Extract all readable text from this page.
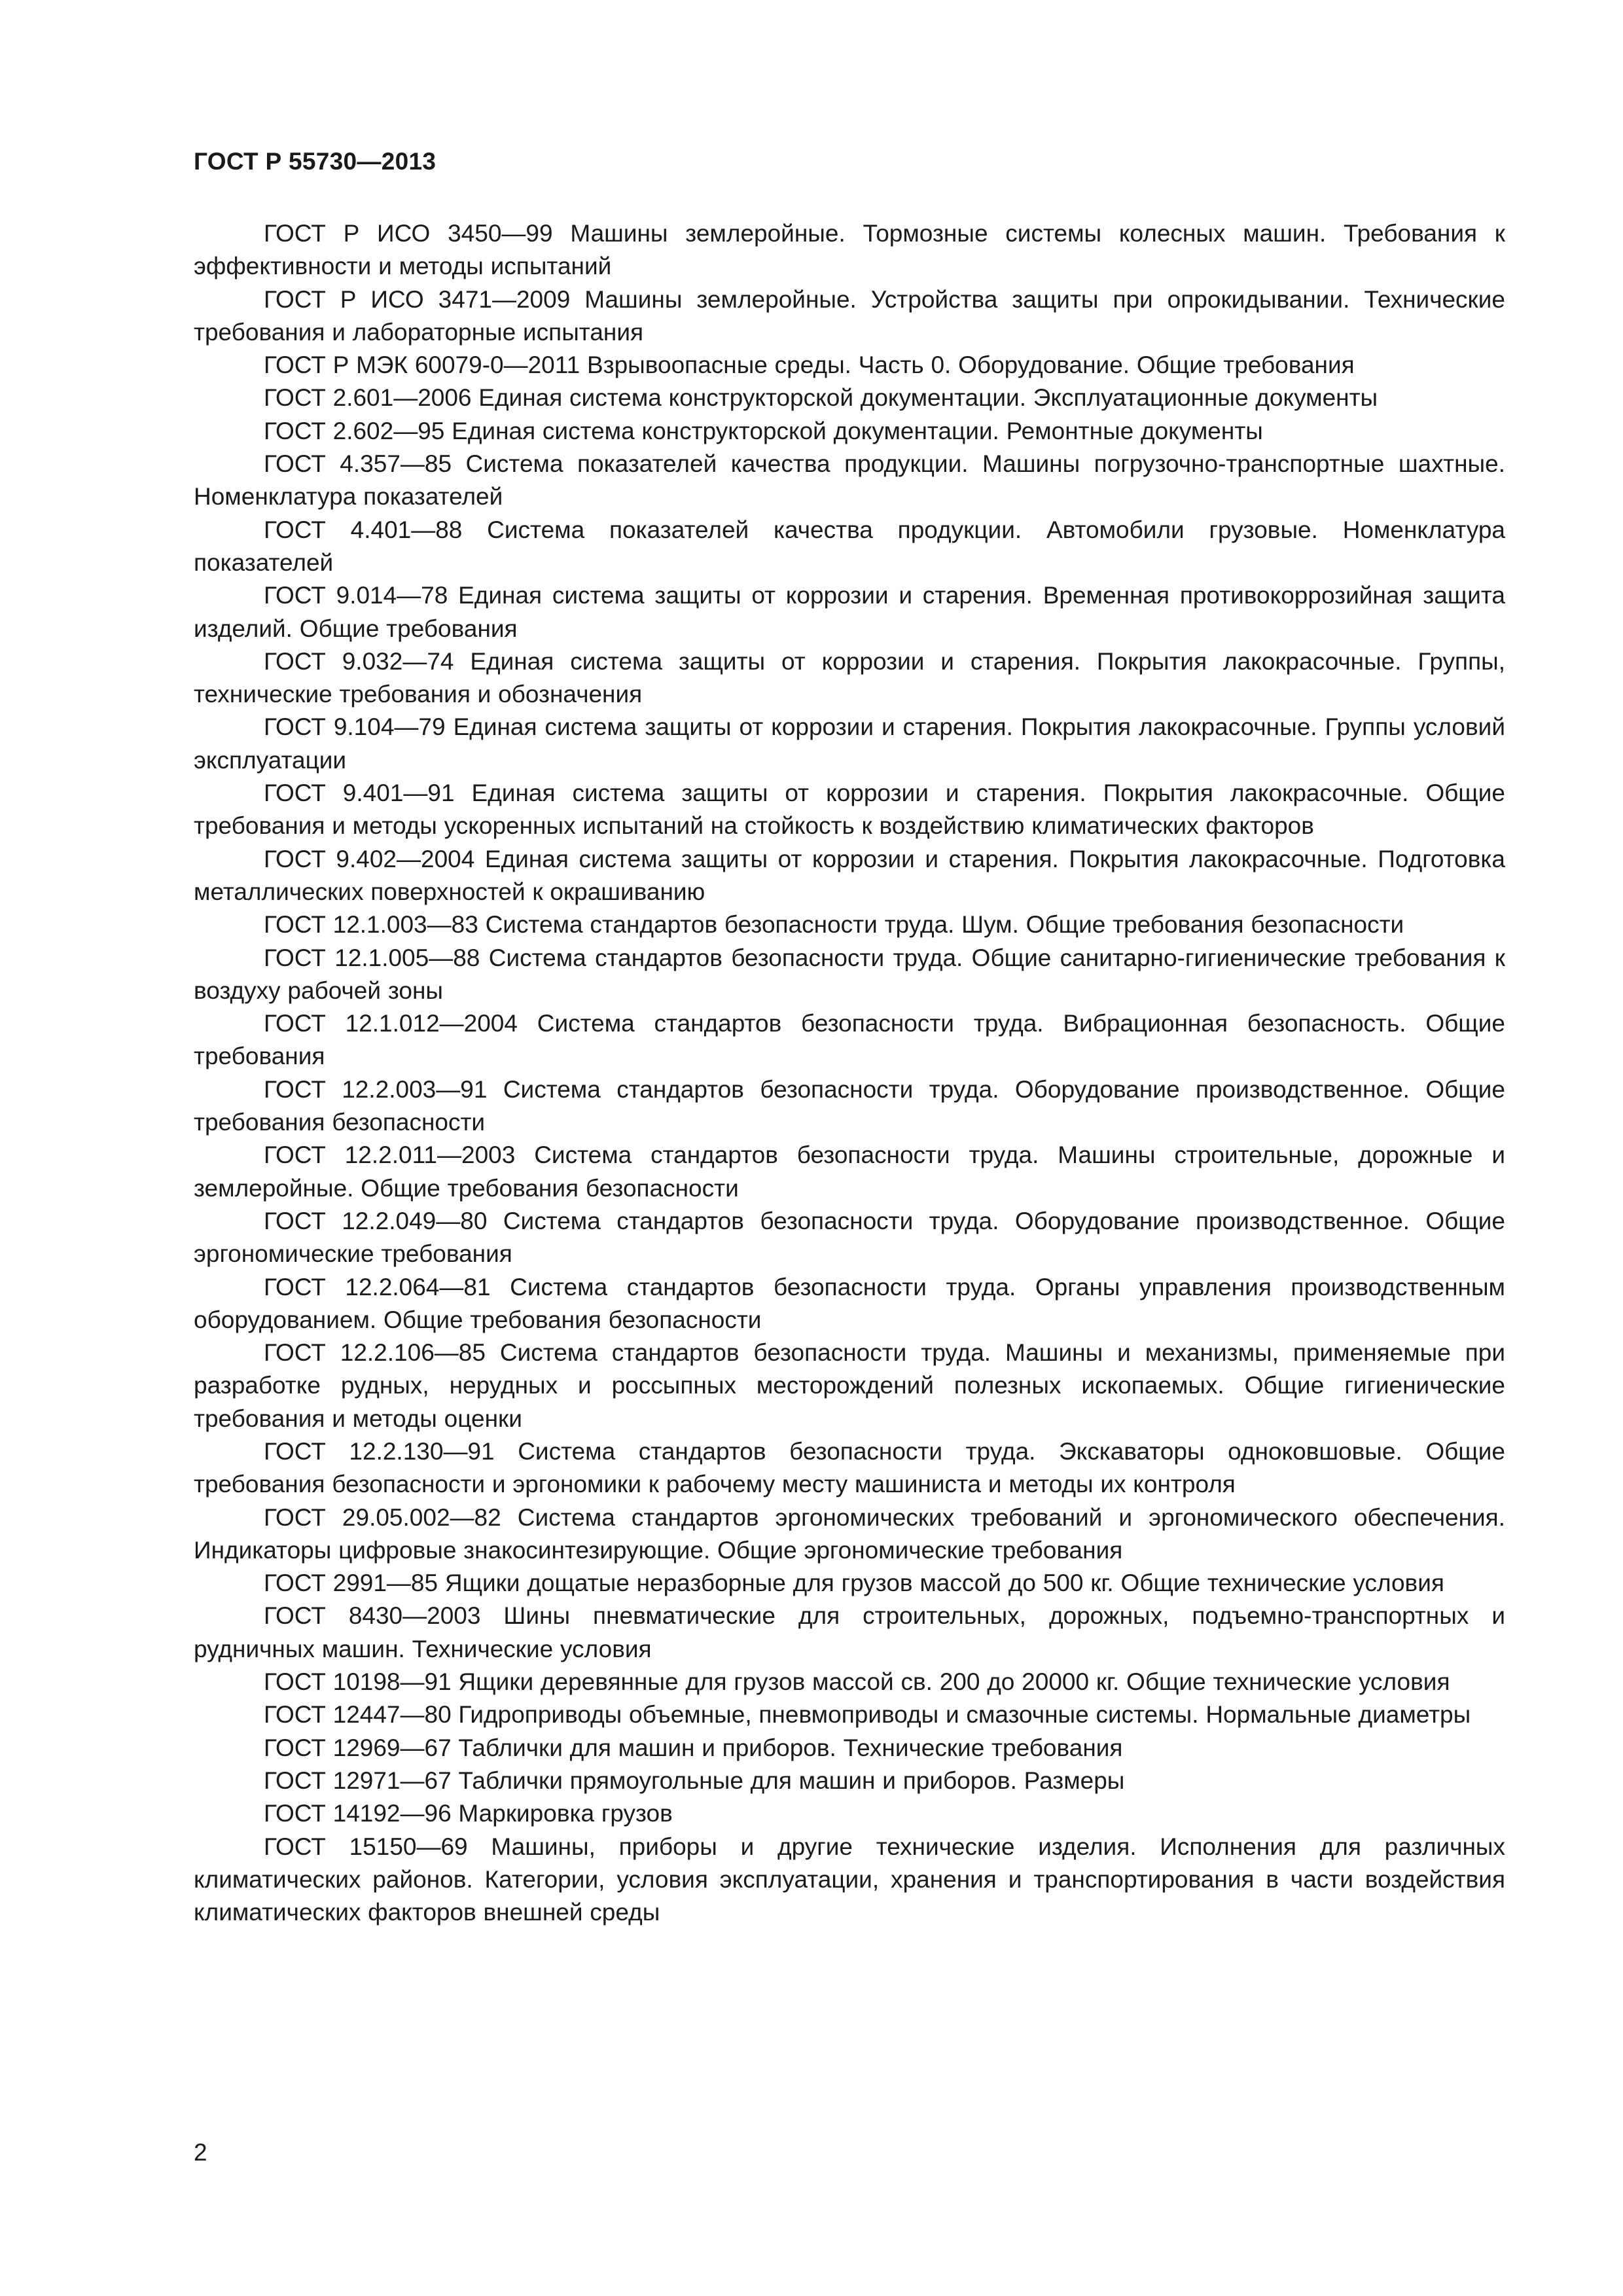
ГОСТ Р 55730—2013

ГОСТ Р ИСО 3450—99 Машины землеройные. Тормозные системы колесных машин. Требования к эффективности и методы испытаний

ГОСТ Р ИСО 3471—2009 Машины землеройные. Устройства защиты при опрокидывании. Технические требования и лабораторные испытания

ГОСТ Р МЭК 60079-0—2011 Взрывоопасные среды. Часть 0. Оборудование. Общие требования

ГОСТ 2.601—2006 Единая система конструкторской документации. Эксплуатационные документы

ГОСТ 2.602—95 Единая система конструкторской документации. Ремонтные документы

ГОСТ 4.357—85 Система показателей качества продукции. Машины погрузочно-транспортные шахтные. Номенклатура показателей

ГОСТ 4.401—88 Система показателей качества продукции. Автомобили грузовые. Номенклатура показателей

ГОСТ 9.014—78 Единая система защиты от коррозии и старения. Временная противокоррозийная защита изделий. Общие требования

ГОСТ 9.032—74 Единая система защиты от коррозии и старения. Покрытия лакокрасочные. Группы, технические требования и обозначения

ГОСТ 9.104—79 Единая система защиты от коррозии и старения. Покрытия лакокрасочные. Группы условий эксплуатации

ГОСТ 9.401—91 Единая система защиты от коррозии и старения. Покрытия лакокрасочные. Общие требования и методы ускоренных испытаний на стойкость к воздействию климатических факторов

ГОСТ 9.402—2004 Единая система защиты от коррозии и старения. Покрытия лакокрасочные. Подготовка металлических поверхностей к окрашиванию

ГОСТ 12.1.003—83 Система стандартов безопасности труда. Шум. Общие требования безопасности

ГОСТ 12.1.005—88 Система стандартов безопасности труда. Общие санитарно-гигиенические требования к воздуху рабочей зоны

ГОСТ 12.1.012—2004 Система стандартов безопасности труда. Вибрационная безопасность. Общие требования

ГОСТ 12.2.003—91 Система стандартов безопасности труда. Оборудование производственное. Общие требования безопасности

ГОСТ 12.2.011—2003 Система стандартов безопасности труда. Машины строительные, дорожные и землеройные. Общие требования безопасности

ГОСТ 12.2.049—80 Система стандартов безопасности труда. Оборудование производственное. Общие эргономические требования

ГОСТ 12.2.064—81 Система стандартов безопасности труда. Органы управления производственным оборудованием. Общие требования безопасности

ГОСТ 12.2.106—85 Система стандартов безопасности труда. Машины и механизмы, применяемые при разработке рудных, нерудных и россыпных месторождений полезных ископаемых. Общие гигиенические требования и методы оценки

ГОСТ 12.2.130—91 Система стандартов безопасности труда. Экскаваторы одноковшовые. Общие требования безопасности и эргономики к рабочему месту машиниста и методы их контроля

ГОСТ 29.05.002—82 Система стандартов эргономических требований и эргономического обеспечения. Индикаторы цифровые знакосинтезирующие. Общие эргономические требования

ГОСТ 2991—85 Ящики дощатые неразборные для грузов массой до 500 кг. Общие технические условия

ГОСТ 8430—2003 Шины пневматические для строительных, дорожных, подъемно-транспортных и рудничных машин. Технические условия

ГОСТ 10198—91 Ящики деревянные для грузов массой св. 200 до 20000 кг. Общие технические условия

ГОСТ 12447—80 Гидроприводы объемные, пневмоприводы и смазочные системы. Нормальные диаметры

ГОСТ 12969—67 Таблички для машин и приборов. Технические требования

ГОСТ 12971—67 Таблички прямоугольные для машин и приборов. Размеры

ГОСТ 14192—96 Маркировка грузов

ГОСТ 15150—69 Машины, приборы и другие технические изделия. Исполнения для различных климатических районов. Категории, условия эксплуатации, хранения и транспортирования в части воздействия климатических факторов внешней среды

2
